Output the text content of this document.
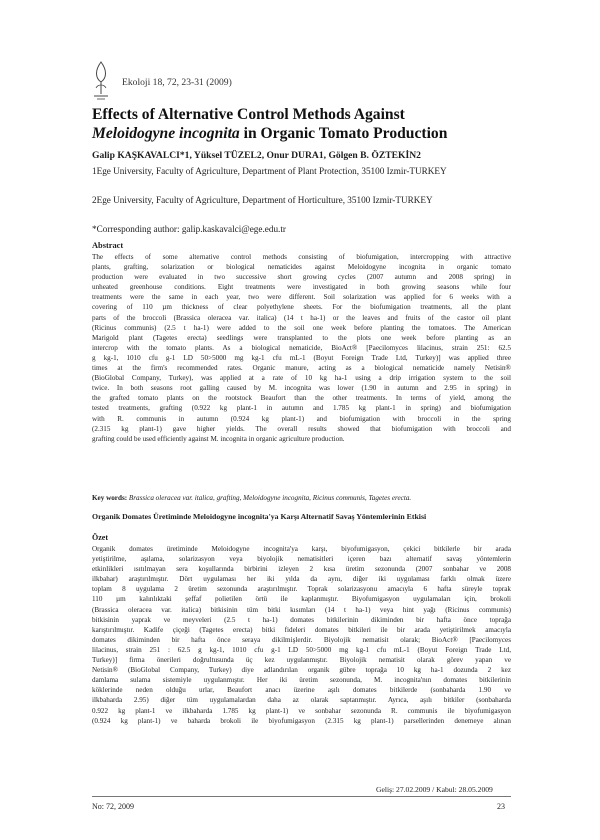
Ekoloji 18, 72, 23-31 (2009)
Effects of Alternative Control Methods Against
Meloidogyne incognita in Organic Tomato Production
Galip KAŞKAVALCI*1, Yüksel TÜZEL2, Onur DURA1, Gölgen B. ÖZTEKİN2
1Ege University, Faculty of Agriculture, Department of Plant Protection, 35100 Izmir-TURKEY
2Ege University, Faculty of Agriculture, Department of Horticulture, 35100 Izmir-TURKEY
*Corresponding author: galip.kaskavalci@ege.edu.tr
Abstract
The effects of some alternative control methods consisting of biofumigation, intercropping with attractive
plants, grafting, solarization or biological nematicides against Meloidogyne incognita in organic tomato
production were evaluated in two successive short growing cycles (2007 autumn and 2008 spring) in
unheated greenhouse conditions. Eight treatments were investigated in both growing seasons while four
treatments were the same in each year, two were different. Soil solarization was applied for 6 weeks with a
covering of 110 µm thickness of clear polyethylene sheets. For the biofumigation treatments, all the plant
parts of the broccoli (Brassica oleracea var. italica) (14 t ha-1) or the leaves and fruits of the castor oil plant
(Ricinus communis) (2.5 t ha-1) were added to the soil one week before planting the tomatoes. The American
Marigold plant (Tagetes erecta) seedlings were transplanted to the plots one week before planting as an
intercrop with the tomato plants. As a biological nematicide, BioAct® [Paecilomyces lilacinus, strain 251: 62.5
g kg-1, 1010 cfu g-1 LD 50>5000 mg kg-1 cfu mL-1 (Boyut Foreign Trade Ltd, Turkey)] was applied three
times at the firm's recommended rates. Organic manure, acting as a biological nematicide namely Netisin®
(BioGlobal Company, Turkey), was applied at a rate of 10 kg ha-1 using a drip irrigation system to the soil
twice. In both seasons root galling caused by M. incognita was lower (1.90 in autumn and 2.95 in spring) in
the grafted tomato plants on the rootstock Beaufort than the other treatments. In terms of yield, among the
tested treatments, grafting (0.922 kg plant-1 in autumn and 1.785 kg plant-1 in spring) and biofumigation
with R. communis in autumn (0.924 kg plant-1) and biofumigation with broccoli in the spring
(2.315 kg plant-1) gave higher yields. The overall results showed that biofumigation with broccoli and
grafting could be used efficiently against M. incognita in organic agriculture production.
Key words: Brassica oleracea var. italica, grafting, Meloidogyne incognita, Ricinus communis, Tagetes erecta.
Organik Domates Üretiminde Meloidogyne incognita'ya Karşı Alternatif Savaş Yöntemlerinin Etkisi
Özet
Organik domates üretiminde Meloidogyne incognita'ya karşı, biyofumigasyon, çekici bitkilerle bir arada
yetiştirilme, aşılama, solarizasyon veya biyolojik nematisitleri içeren bazı alternatif savaş yöntemlerin
etkinlikleri ısıtılmayan sera koşullarında birbirini izleyen 2 kısa üretim sezonunda (2007 sonbahar ve 2008
ilkbahar) araştırılmıştır. Dört uygulaması her iki yılda da aynı, diğer iki uygulaması farklı olmak üzere
toplam 8 uygulama 2 üretim sezonunda araştırılmıştır. Toprak solarizasyonu amacıyla 6 hafta süreyle toprak
110 µm kalınlıktaki şeffaf polietilen örtü ile kaplanmıştır. Biyofumigasyon uygulamaları için, brokoli
(Brassica oleracea var. italica) bitkisinin tüm bitki kısımları (14 t ha-1) veya hint yağı (Ricinus communis)
bitkisinin yaprak ve meyveleri (2.5 t ha-1) domates bitkilerinin dikiminden bir hafta önce toprağa
karıştırılmıştır. Kadife çiçeği (Tagetes erecta) bitki fideleri domates bitkileri ile bir arada yetiştirilmek amacıyla
domates dikiminden bir hafta önce seraya dikilmişlerdir. Biyolojik nematisit olarak; BioAct® [Paecilomyces
lilacinus, strain 251 : 62.5 g kg-1, 1010 cfu g-1 LD 50>5000 mg kg-1 cfu mL-1 (Boyut Foreign Trade Ltd,
Turkey)] firma önerileri doğrultusunda üç kez uygulanmıştır. Biyolojik nematisit olarak görev yapan ve
Netisin® (BioGlobal Company, Turkey) diye adlandırılan organik gübre toprağa 10 kg ha-1 dozunda 2 kez
damlama sulama sistemiyle uygulanmıştır. Her iki üretim sezonunda, M. incognita'nın domates bitkilerinin
köklerinde neden olduğu urlar, Beaufort anacı üzerine aşılı domates bitkilerde (sonbaharda 1.90 ve
ilkbaharda 2.95) diğer tüm uygulamalardan daha az olarak saptanmıştır. Ayrıca, aşılı bitkiler (sonbaharda
0.922 kg plant-1 ve ilkbaharda 1.785 kg plant-1) ve sonbahar sezonunda R. communis ile biyofumigasyon
(0.924 kg plant-1) ve baharda brokoli ile biyofumigasyon (2.315 kg plant-1) parsellerinden denemeye alınan
Geliş: 27.02.2009 / Kabul: 28.05.2009
No: 72, 2009	23
